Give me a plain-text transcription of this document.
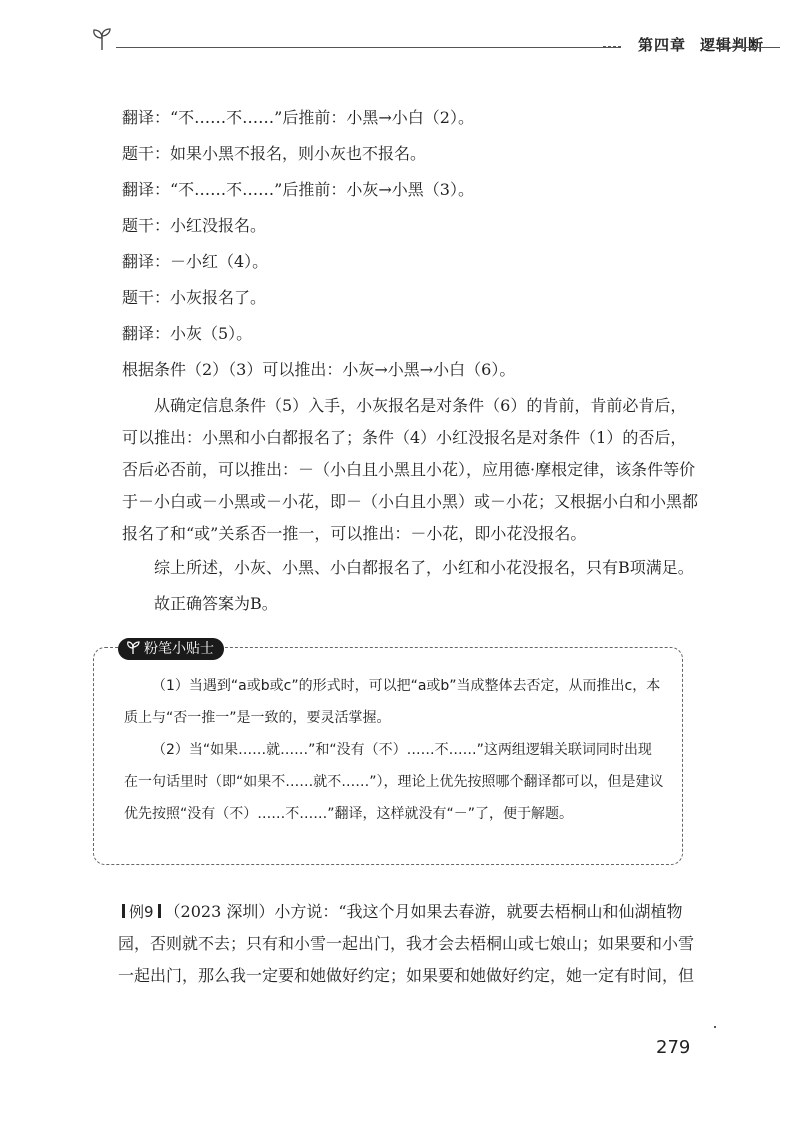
第四章 逻辑判断
翻译：“不……不……”后推前：小黑→小白（2）。
题干：如果小黑不报名，则小灰也不报名。
翻译：“不……不……”后推前：小灰→小黑（3）。
题干：小红没报名。
翻译：－小红（4）。
题干：小灰报名了。
翻译：小灰（5）。
根据条件（2）（3）可以推出：小灰→小黑→小白（6）。

从确定信息条件（5）入手，小灰报名是对条件（6）的肯前，肯前必肯后，可以推出：小黑和小白都报名了；条件（4）小红没报名是对条件（1）的否后，否后必否前，可以推出：－（小白且小黑且小花），应用德·摩根定律，该条件等价于－小白或－小黑或－小花，即－（小白且小黑）或－小花；又根据小白和小黑都报名了和“或”关系否一推一，可以推出：－小花，即小花没报名。

综上所述，小灰、小黑、小白都报名了，小红和小花没报名，只有B项满足。

故正确答案为B。

粉笔小贴士

（1）当遇到“a或b或c”的形式时，可以把“a或b”当成整体去否定，从而推出c，本质上与“否一推一”是一致的，要灵活掌握。

（2）当“如果……就……”和“没有（不）……不……”这两组逻辑关联词同时出现在一句话里时（即“如果不……就不……”），理论上优先按照哪个翻译都可以，但是建议优先按照“没有（不）……不……”翻译，这样就没有“－”了，便于解题。

例9 （2023 深圳）小方说：“我这个月如果去春游，就要去梧桐山和仙湖植物园，否则就不去；只有和小雪一起出门，我才会去梧桐山或七娘山；如果要和小雪一起出门，那么我一定要和她做好约定；如果要和她做好约定，她一定有时间，但
279
